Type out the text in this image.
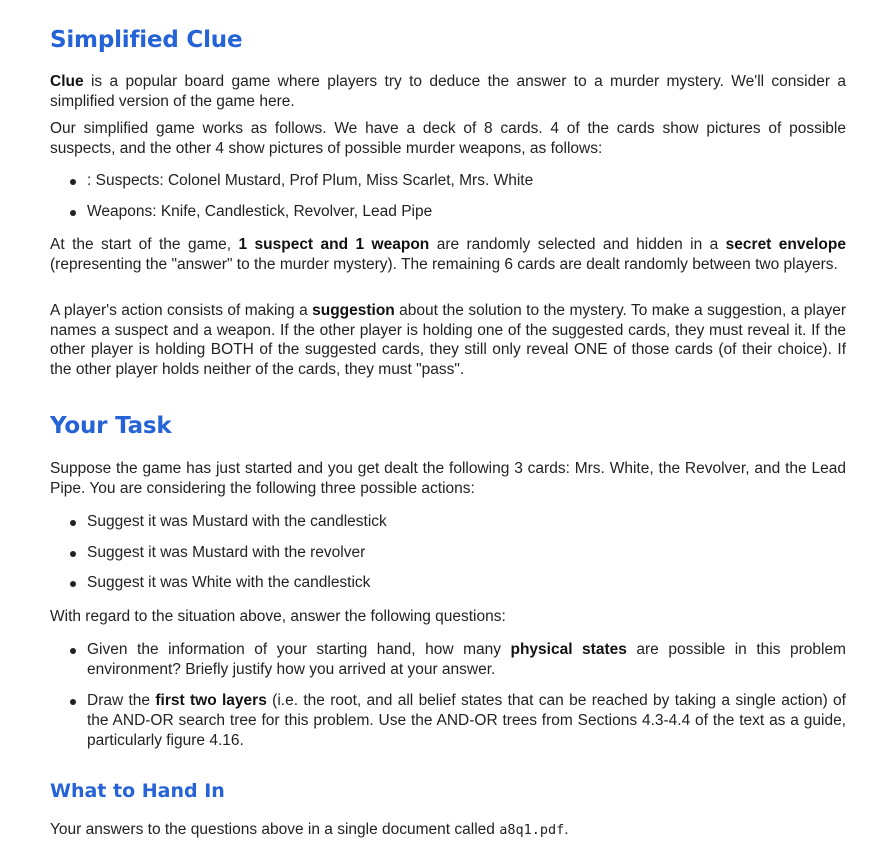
Simplified Clue

Clue is a popular board game where players try to deduce the answer to a murder mystery. We'll consider a simplified version of the game here.

Our simplified game works as follows. We have a deck of 8 cards. 4 of the cards show pictures of possible suspects, and the other 4 show pictures of possible murder weapons, as follows:

: Suspects: Colonel Mustard, Prof Plum, Miss Scarlet, Mrs. White
Weapons: Knife, Candlestick, Revolver, Lead Pipe

At the start of the game, 1 suspect and 1 weapon are randomly selected and hidden in a secret envelope (representing the "answer" to the murder mystery). The remaining 6 cards are dealt randomly between two players.

A player's action consists of making a suggestion about the solution to the mystery. To make a suggestion, a player names a suspect and a weapon. If the other player is holding one of the suggested cards, they must reveal it. If the other player is holding BOTH of the suggested cards, they still only reveal ONE of those cards (of their choice). If the other player holds neither of the cards, they must "pass".

Your Task

Suppose the game has just started and you get dealt the following 3 cards: Mrs. White, the Revolver, and the Lead Pipe. You are considering the following three possible actions:

Suggest it was Mustard with the candlestick
Suggest it was Mustard with the revolver
Suggest it was White with the candlestick

With regard to the situation above, answer the following questions:

Given the information of your starting hand, how many physical states are possible in this problem environment? Briefly justify how you arrived at your answer.
Draw the first two layers (i.e. the root, and all belief states that can be reached by taking a single action) of the AND-OR search tree for this problem. Use the AND-OR trees from Sections 4.3-4.4 of the text as a guide, particularly figure 4.16.
What to Hand In

Your answers to the questions above in a single document called a8q1.pdf.
